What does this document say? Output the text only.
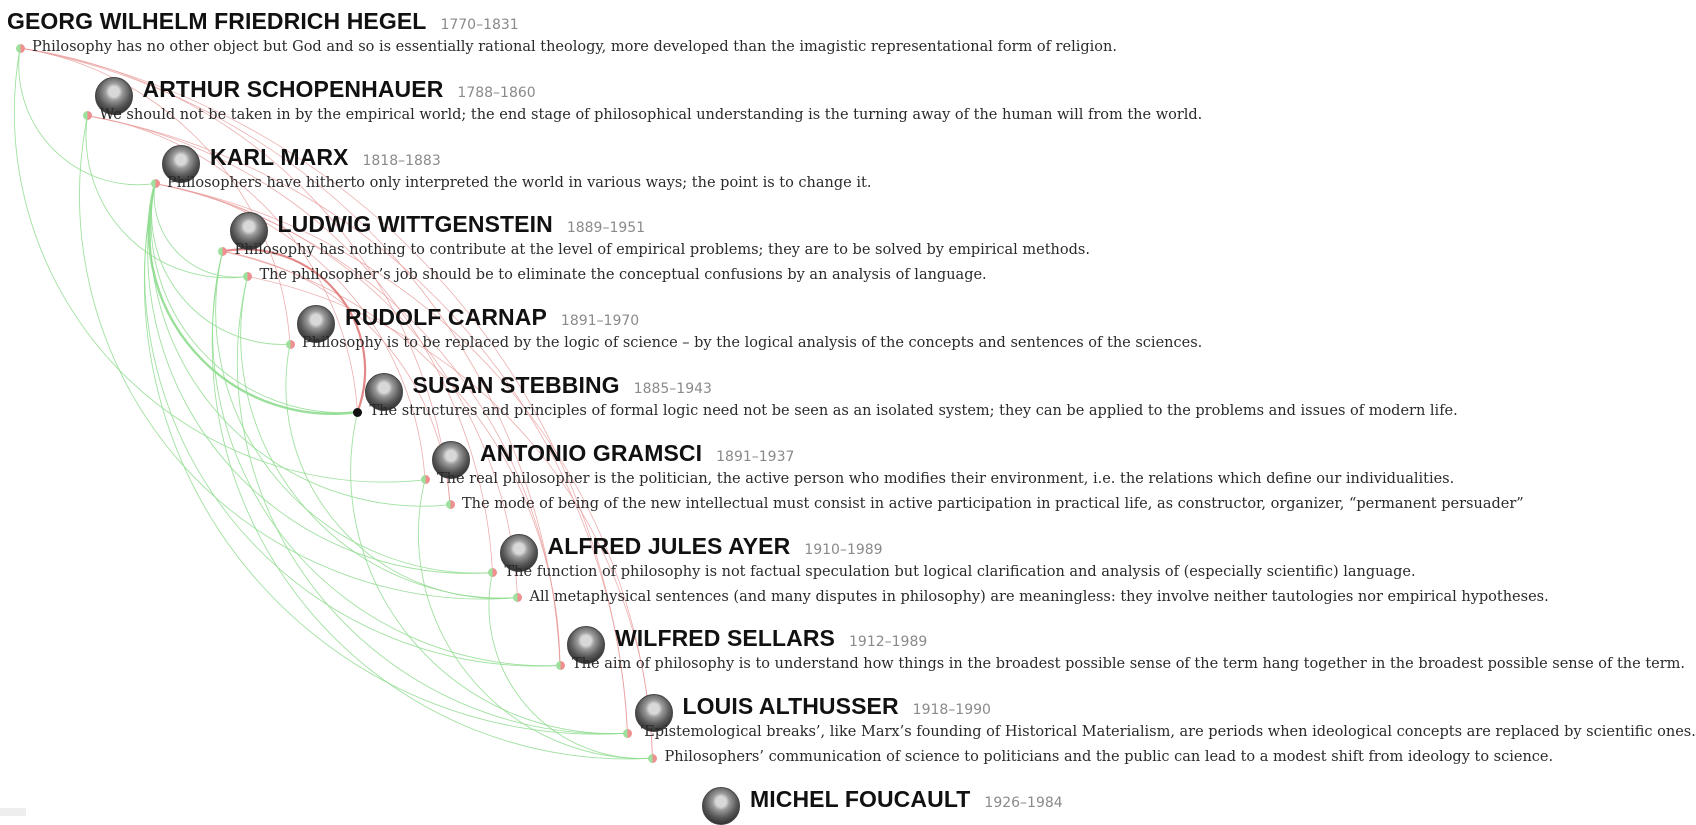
GEORG WILHELM FRIEDRICH HEGEL 1770–1831
Philosophy has no other object but God and so is essentially rational theology, more developed than the imagistic representational form of religion.
ARTHUR SCHOPENHAUER 1788–1860
We should not be taken in by the empirical world; the end stage of philosophical understanding is the turning away of the human will from the world.
KARL MARX 1818–1883
Philosophers have hitherto only interpreted the world in various ways; the point is to change it.
LUDWIG WITTGENSTEIN 1889–1951
Philosophy has nothing to contribute at the level of empirical problems; they are to be solved by empirical methods.
The philosopher’s job should be to eliminate the conceptual confusions by an analysis of language.
RUDOLF CARNAP 1891–1970
Philosophy is to be replaced by the logic of science – by the logical analysis of the concepts and sentences of the sciences.
SUSAN STEBBING 1885–1943
The structures and principles of formal logic need not be seen as an isolated system; they can be applied to the problems and issues of modern life.
ANTONIO GRAMSCI 1891–1937
The real philosopher is the politician, the active person who modifies their environment, i.e. the relations which define our individualities.
The mode of being of the new intellectual must consist in active participation in practical life, as constructor, organizer, “permanent persuader”
ALFRED JULES AYER 1910–1989
The function of philosophy is not factual speculation but logical clarification and analysis of (especially scientific) language.
All metaphysical sentences (and many disputes in philosophy) are meaningless: they involve neither tautologies nor empirical hypotheses.
WILFRED SELLARS 1912–1989
The aim of philosophy is to understand how things in the broadest possible sense of the term hang together in the broadest possible sense of the term.
LOUIS ALTHUSSER 1918–1990
‘Epistemological breaks’, like Marx’s founding of Historical Materialism, are periods when ideological concepts are replaced by scientific ones.
Philosophers’ communication of science to politicians and the public can lead to a modest shift from ideology to science.
MICHEL FOUCAULT 1926–1984
